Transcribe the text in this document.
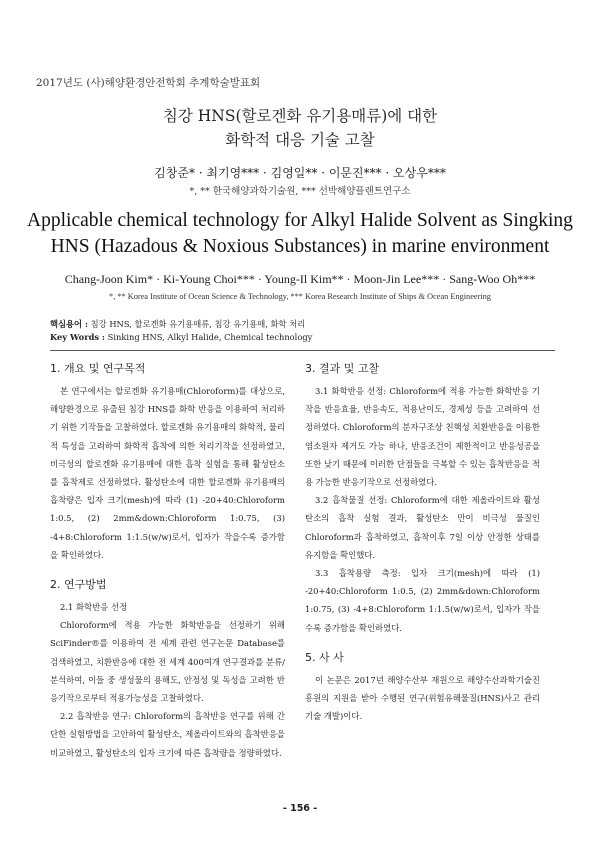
2017년도 (사)해양환경안전학회 추계학술발표회
침강 HNS(할로겐화 유기용매류)에 대한
화학적 대응 기술 고찰
김창준* · 최기영*** · 김영일** · 이문진*** · 오상우***
*, ** 한국해양과학기술원, *** 선박해양플랜트연구소
Applicable chemical technology for Alkyl Halide Solvent as Singking
HNS (Hazadous & Noxious Substances) in marine environment
Chang-Joon Kim* · Ki-Young Choi*** · Young-Il Kim** · Moon-Jin Lee*** · Sang-Woo Oh***
*, ** Korea Institute of Ocean Science & Technology, *** Korea Research Institute of Ships & Ocean Engineering
핵심용어 : 침강 HNS, 할로겐화 유기용매류, 침강 유기용매, 화학 처리
Key Words : Sinking HNS, Alkyl Halide, Chemical technology
1. 개요 및 연구목적

본 연구에서는 할로겐화 유기용매(Chloroform)를 대상으로, 해양환경으로 유출된 침강 HNS를 화학 반응을 이용하여 처리하기 위한 기작들을 고찰하였다. 할로겐화 유기용매의 화학적, 물리적 특성을 고려하여 화학적 흡착에 의한 처리기작을 선정하였고, 비극성의 할로겐화 유기용매에 대한 흡착 실험을 통해 활성탄소를 흡착제로 선정하였다. 활성탄소에 대한 할로겐화 유기용매의 흡착량은 입자 크기(mesh)에 따라 (1) -20+40:Chloroform 1:0.5, (2) 2mm&down:Chloroform 1:0.75, (3) -4+8:Chloroform 1:1.5(w/w)로서, 입자가 작을수록 증가함을 확인하였다.

2. 연구방법

2.1 화학반응 선정

Chloroform에 적용 가능한 화학반응을 선정하기 위해 SciFinder®를 이용하여 전 세계 관련 연구논문 Database를 검색하였고, 치환반응에 대한 전 세계 400여개 연구결과를 분류/분석하여, 이들 중 생성물의 용해도, 안정성 및 독성을 고려한 반응기작으로부터 적용가능성을 고찰하였다.

2.2 흡착반응 연구: Chloroform의 흡착반응 연구를 위해 간단한 실험방법을 고안하여 활성탄소, 제올라이트와의 흡착반응을 비교하였고, 활성탄소의 입자 크기에 따른 흡착량을 정량하였다.

3. 결과 및 고찰

3.1 화학반응 선정: Chloroform에 적용 가능한 화학반응 기작을 반응효율, 반응속도, 적용난이도, 경제성 등을 고려하여 선정하였다. Chloroform의 분자구조상 친핵성 치환반응을 이용한 염소원자 제거도 가능 하나, 반응조건이 제한적이고 반응성공을 또한 낮기 때문에 이러한 단점들을 극복할 수 있는 흡착반응을 적용 가능한 반응기작으로 선정하였다.

3.2 흡착물질 선정: Chloroform에 대한 제올라이트와 활성탄소의 흡착 실험 결과, 활성탄소 만이 비극성 물질인 Chloroform과 흡착하였고, 흡착이후 7일 이상 안정한 상태를 유지함을 확인했다.

3.3 흡착용량 측정: 입자 크기(mesh)에 따라 (1) -20+40:Chloroform 1:0.5, (2) 2mm&down:Chloroform 1:0.75, (3) -4+8:Chloroform 1:1.5(w/w)로서, 입자가 작을수록 증가함을 확인하였다.

5. 사 사

이 논문은 2017년 해양수산부 재원으로 해양수산과학기술진흥원의 지원을 받아 수행된 연구(위험유해물질(HNS)사고 관리기술 개발)이다.

- 156 -
